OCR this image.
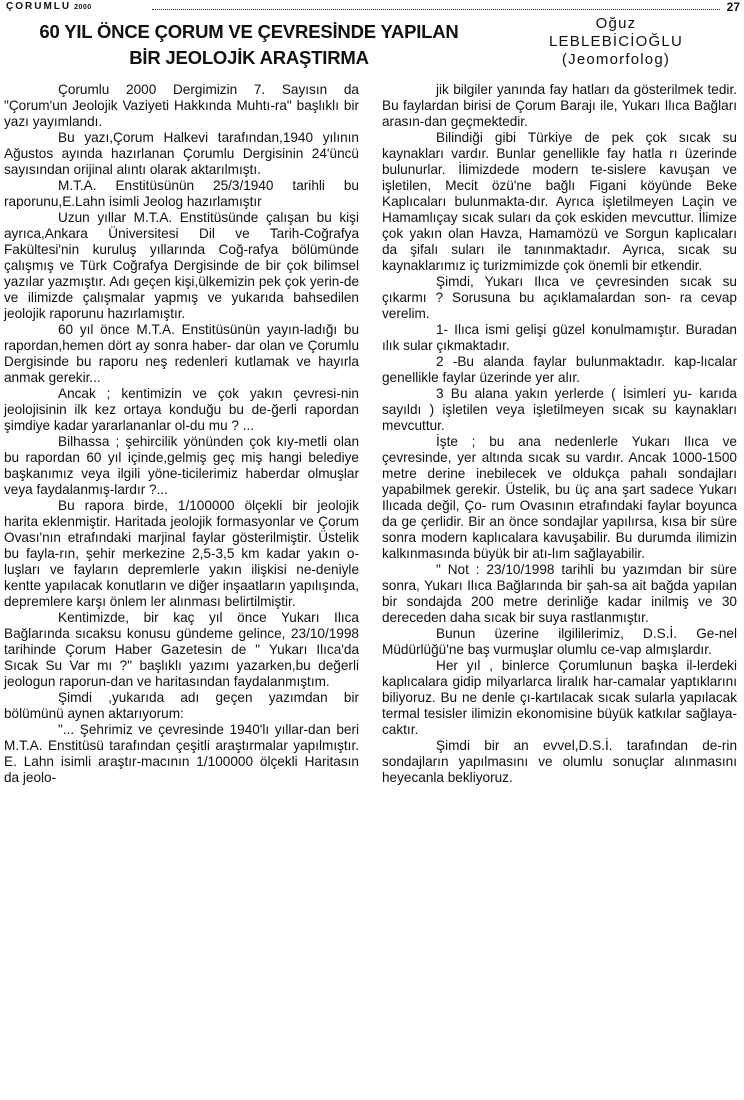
ÇORUMLU 2000	27
60 YIL ÖNCE ÇORUM VE ÇEVRESİNDE YAPILAN
BİR JEOLOJİK ARAŞTIRMA
Oğuz
LEBLEBİCİOĞLU
(Jeomorfolog)

Çorumlu 2000 Dergimizin 7. Sayısın da "Çorum'un Jeolojik Vaziyeti Hakkında Muhtı-ra" başlıklı bir yazı yayımlandı.

Bu yazı,Çorum Halkevi tarafından,1940 yılının Ağustos ayında hazırlanan Çorumlu Dergisinin 24'üncü sayısından orijinal alıntı olarak aktarılmıştı.

M.T.A. Enstitüsünün 25/3/1940 tarihli bu raporunu,E.Lahn isimli Jeolog hazırlamıştır

Uzun yıllar M.T.A. Enstitüsünde çalışan bu kişi ayrıca,Ankara Üniversitesi Dil ve Tarih-Coğrafya Fakültesi'nin kuruluş yıllarında Coğ-rafya bölümünde çalışmış ve Türk Coğrafya Dergisinde de bir çok bilimsel yazılar yazmıştır. Adı geçen kişi,ülkemizin pek çok yerin-de ve ilimizde çalışmalar yapmış ve yukarıda bahsedilen jeolojik raporunu hazırlamıştır.

60 yıl önce M.T.A. Enstitüsünün yayın-ladığı bu rapordan,hemen dört ay sonra haber- dar olan ve Çorumlu Dergisinde bu raporu neş redenleri kutlamak ve hayırla anmak gerekir...

Ancak ; kentimizin ve çok yakın çevresi-nin jeolojisinin ilk kez ortaya konduğu bu de-ğerli rapordan şimdiye kadar yararlananlar ol-du mu ? ...

Bilhassa ; şehircilik yönünden çok kıy-metli olan bu rapordan 60 yıl içinde,gelmiş geç miş hangi belediye başkanımız veya ilgili yöne-ticilerimiz haberdar olmuşlar veya faydalanmış-lardır ?...

Bu rapora birde, 1/100000 ölçekli bir jeolojik harita eklenmiştir. Haritada jeolojik formasyonlar ve Çorum Ovası'nın etrafındaki marjinal faylar gösterilmiştir. Üstelik bu fayla-rın, şehir merkezine 2,5-3,5 km kadar yakın o-luşları ve fayların depremlerle yakın ilişkisi ne-deniyle kentte yapılacak konutların ve diğer inşaatların yapılışında, depremlere karşı önlem ler alınması belirtilmiştir.

Kentimizde, bir kaç yıl önce Yukarı Ilıca Bağlarında sıcaksu konusu gündeme gelince, 23/10/1998 tarihinde Çorum Haber Gazetesin de " Yukarı Ilıca'da Sıcak Su Var mı ?" başlıklı yazımı yazarken,bu değerli jeologun raporun-dan ve haritasından faydalanmıştım.

Şimdi ,yukarıda adı geçen yazımdan bir bölümünü aynen aktarıyorum:

"... Şehrimiz ve çevresinde 1940'lı yıllar-dan beri M.T.A. Enstitüsü tarafından çeşitli araştırmalar yapılmıştır. E. Lahn isimli araştır-macının 1/100000 ölçekli Haritasın da jeolo-

jik bilgiler yanında fay hatları da gösterilmek tedir. Bu faylardan birisi de Çorum Barajı ile, Yukarı Ilıca Bağları arasın-dan geçmektedir.

Bilindiği gibi Türkiye de pek çok sıcak su kaynakları vardır. Bunlar genellikle fay hatla rı üzerinde bulunurlar. İlimizdede modern te-sislere kavuşan ve işletilen, Mecit özü'ne bağlı Figani köyünde Beke Kaplıcaları bulunmakta-dır. Ayrıca işletilmeyen Laçin ve Hamamlıçay sıcak suları da çok eskiden mevcuttur. İlimize çok yakın olan Havza, Hamamözü ve Sorgun kaplıcaları da şifalı suları ile tanınmaktadır. Ayrıca, sıcak su kaynaklarımız iç turizmimizde çok önemli bir etkendir.

Şimdi, Yukarı Ilıca ve çevresinden sıcak su çıkarmı ? Sorusuna bu açıklamalardan son- ra cevap verelim.

1- Ilıca ismi gelişi güzel konulmamıştır. Buradan ılık sular çıkmaktadır.

2 -Bu alanda faylar bulunmaktadır. kap-lıcalar genellikle faylar üzerinde yer alır.

3 Bu alana yakın yerlerde ( İsimleri yu- karıda sayıldı ) işletilen veya işletilmeyen sıcak su kaynakları mevcuttur.

İşte ; bu ana nedenlerle Yukarı Ilıca ve çevresinde, yer altında sıcak su vardır. Ancak 1000-1500 metre derine inebilecek ve oldukça pahalı sondajları yapabilmek gerekir. Üstelik, bu üç ana şart sadece Yukarı Ilıcada değil, Ço- rum Ovasının etrafındaki faylar boyunca da ge çerlidir. Bir an önce sondajlar yapılırsa, kısa bir süre sonra modern kaplıcalara kavuşabilir. Bu durumda ilimizin kalkınmasında büyük bir atı-lım sağlayabilir.

" Not : 23/10/1998 tarihli bu yazımdan bir süre sonra, Yukarı Ilıca Bağlarında bir şah-sa ait bağda yapılan bir sondajda 200 metre derinliğe kadar inilmiş ve 30 dereceden daha sıcak bir suya rastlanmıştır.

Bunun üzerine ilgililerimiz, D.S.İ. Ge-nel Müdürlüğü'ne baş vurmuşlar olumlu ce-vap almışlardır.

Her yıl , binlerce Çorumlunun başka il-lerdeki kaplıcalara gidip milyarlarca liralık har-camalar yaptıklarını biliyoruz. Bu ne denle çı-kartılacak sıcak sularla yapılacak termal tesisler ilimizin ekonomisine büyük katkılar sağlaya-caktır.

Şimdi bir an evvel,D.S.İ. tarafından de-rin sondajların yapılmasını ve olumlu sonuçlar alınmasını heyecanla bekliyoruz.
